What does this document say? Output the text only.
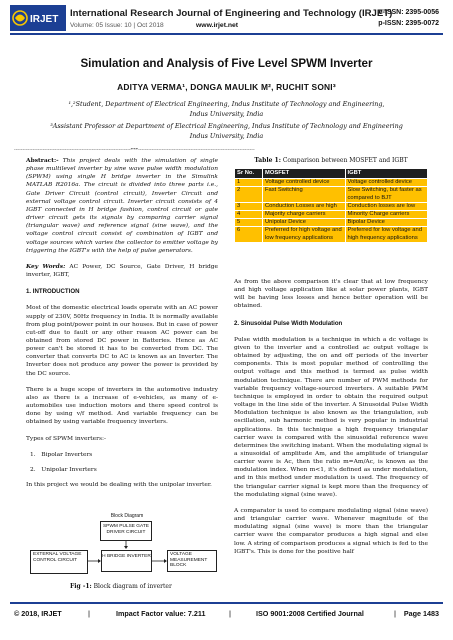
IRJET
International Research Journal of Engineering and Technology (IRJET)
e-ISSN: 2395-0056
p-ISSN: 2395-0072
Volume: 05 Issue: 10 | Oct 2018	www.irjet.net
Simulation and Analysis of Five Level SPWM Inverter
ADITYA VERMA¹, DONGA MAULIK M², RUCHIT SONI³
¹,²Student, Department of Electrical Engineering, Indus Institute of Technology and Engineering,
Indus University, India
³Assistant Professor at Department of Electrical Engineering, Indus Institute of Technology and Engineering
Indus University, India
---------------------------------------------------------------------***---------------------------------------------------------------------

Abstract:- This project deals with the simulation of single phase multilevel inverter by sine wave pulse width modulation (SPWM) using single H bridge inverter in the Simulink MATLAB R2016a. The circuit is divided into three parts i.e., Gate Driver Circuit (control circuit), Inverter Circuit and external voltage control circuit. Inverter circuit consists of 4 IGBT connected in H bridge fashion, control circuit or gate driver circuit gets its signals by comparing carrier signal (triangular wave) and reference signal (sine wave), and the voltage control circuit consist of combination of IGBT and voltage sources which varies the collector to emitter voltage by triggering the IGBT's with the help of pulse generators.

Key Words: AC Power, DC Source, Gate Driver, H bridge inverter, IGBT,

1. INTRODUCTION

Most of the domestic electrical loads operate with an AC power supply of 230V, 50Hz frequency in India. It is normally available from plug point/power point in our houses. But in case of power cut-off due to fault or any other reason AC power can be obtained from stored DC power in Batteries. Hence as AC power can't be stored it has to be converted from DC. The converter that converts DC to AC is known as an Inverter. The Inverter does not produce any power the power is provided by the DC source.

There is a huge scope of inverters in the automotive industry also as there is a increase of e-vehicles, as many of e-automobiles use induction motors and there speed control is done by using v/f method. And variable frequency can be obtained by using variable frequency inverters.

Types of SPWM inverters:-

1.   Bipolar Inverters

2.   Unipolar Inverters

In this project we would be dealing with the unipolar inverter.

Block Diagram
SPWM PULSE GATE DRIVER CIRCUIT
EXTERNAL VOLTAGE CONTROL CIRCUIT
H BRIDGE INVERTER	VOLTAGE MEASUREMENT BLOCK
Fig -1: Block diagram of inverter
Table 1: Comparison between MOSFET and IGBT
Sr No.	MOSFET	IGBT
1	Voltage controlled device	Voltage controlled device
2	Fast Switching	Slow Switching, but faster as compared to BJT
3	Conduction Losses are high	Conduction losses are low
4	Majority charge carriers	Minority Charge carriers
5	Unipolar Device	Bipolar Device
6	Preferred for high voltage and low frequency applications	Preferred for low voltage and high frequency applications

As from the above comparison it's clear that at low frequency and high voltage application like at solar power plants, IGBT will be having less losses and hence better operation will be obtained.

2. Sinusoidal Pulse Width Modulation

Pulse width modulation is a technique in which a dc voltage is given to the inverter and a controlled ac output voltage is obtained by adjusting, the on and off periods of the inverter components. This is most popular method of controlling the output voltage and this method is termed as pulse width modulation technique. There are number of PWM methods for variable frequency voltage-sourced inverters. A suitable PWM technique is employed in order to obtain the required output voltage in the line side of the inverter. A Sinusoidal Pulse Width Modulation technique is also known as the triangulation, sub oscillation, sub harmonic method is very popular in industrial applications. In this technique a high frequency triangular carrier wave is compared with the sinusoidal reference wave determines the switching instant. When the modulating signal is a sinusoidal of amplitude Am, and the amplitude of triangular carrier wave is Ac, then the ratio m=Am/Ac, is known as the modulation index. When m<1, it's defined as under modulation, and in this method under modulation is used. The frequency of the triangular carrier signal is kept more than the frequency of the modulating signal (sine wave).

A comparator is used to compare modulating signal (sine wave) and triangular carrier wave. Whenever magnitude of the modulating signal (sine wave) is more than the triangular carrier wave the comparator produces a high signal and else low. A string of comparison produces a signal which is fed to the IGBT's. This is done for the positive half

© 2018, IRJET	|	Impact Factor value: 7.211	|	ISO 9001:2008 Certified Journal	| Page 1483
